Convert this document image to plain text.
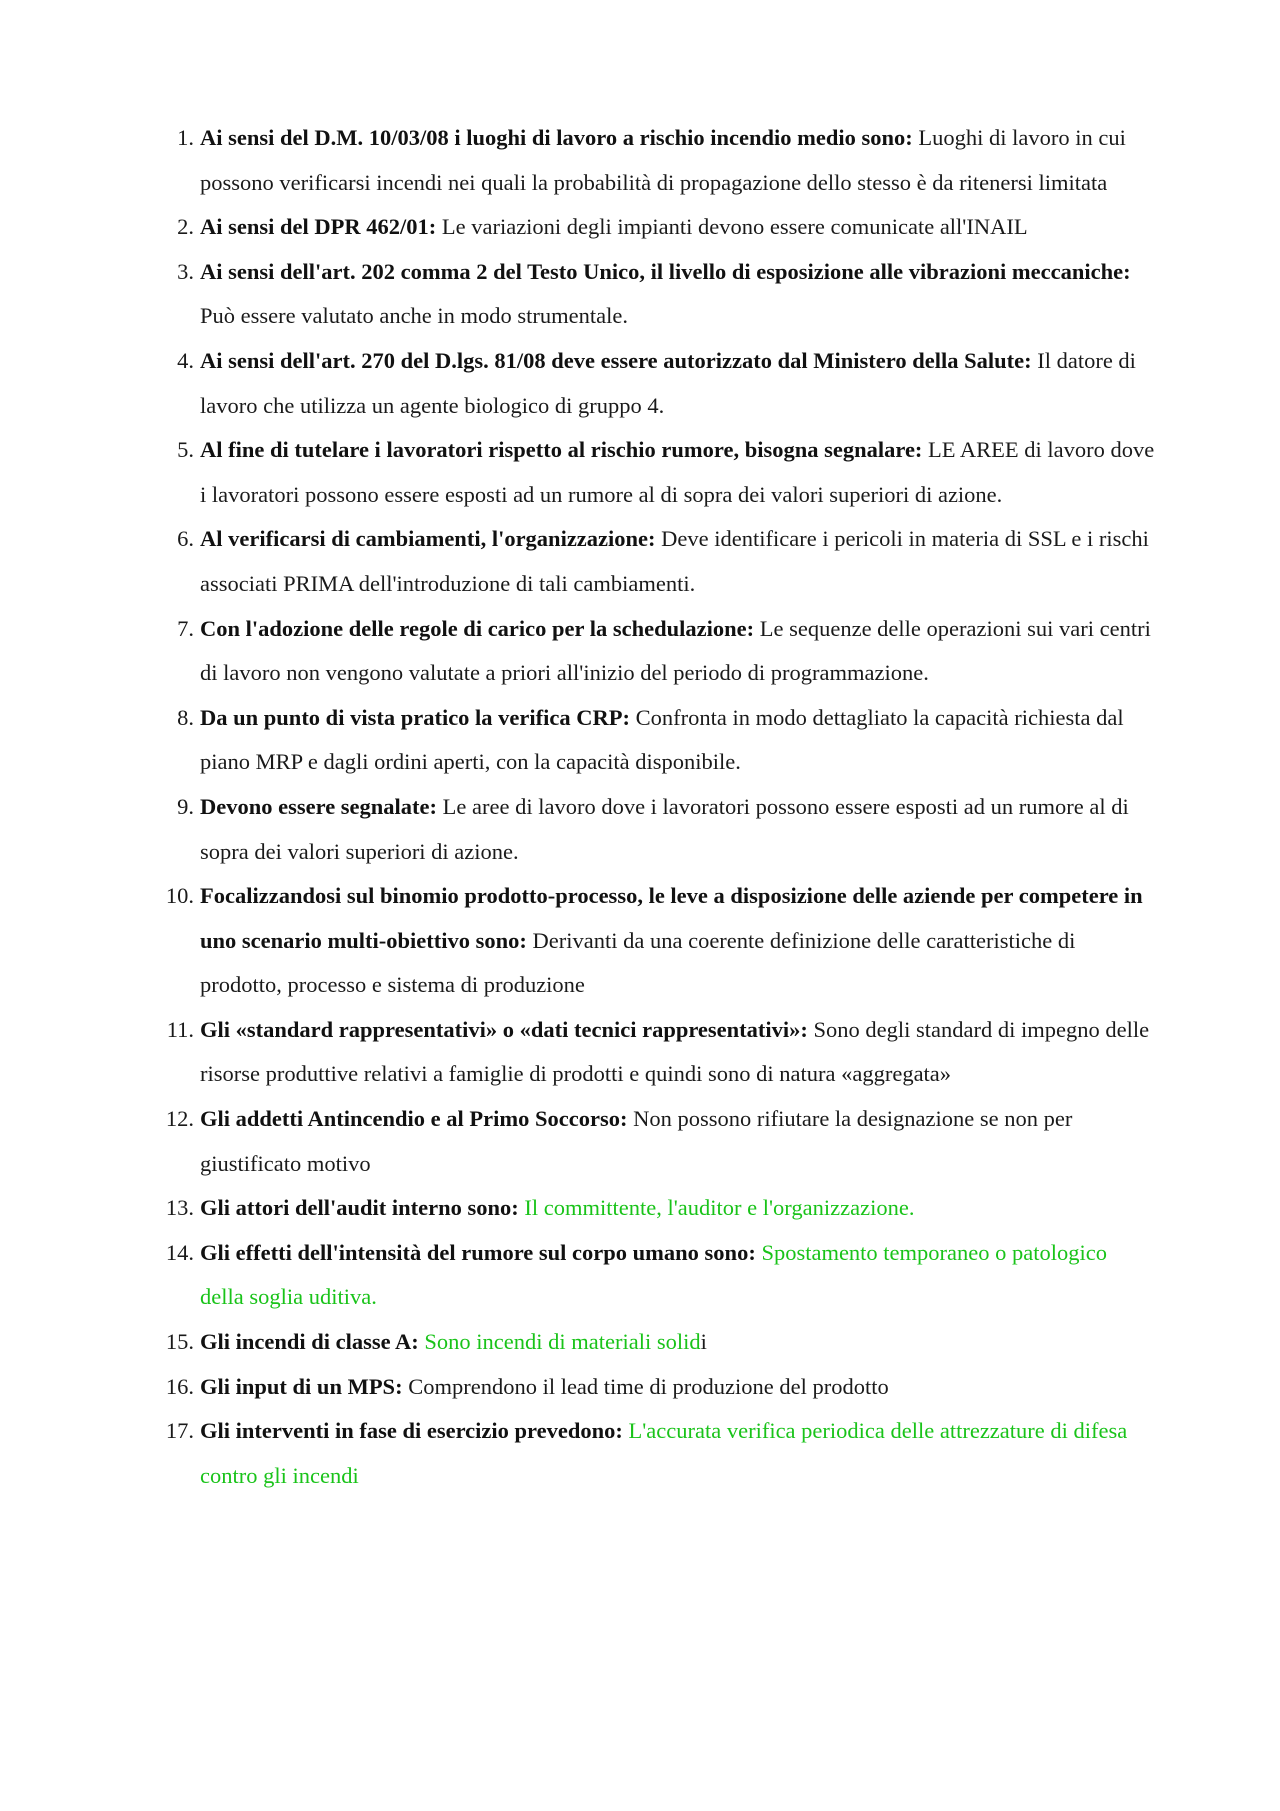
1. Ai sensi del D.M. 10/03/08 i luoghi di lavoro a rischio incendio medio sono: Luoghi di lavoro in cui possono verificarsi incendi nei quali la probabilità di propagazione dello stesso è da ritenersi limitata
2. Ai sensi del DPR 462/01: Le variazioni degli impianti devono essere comunicate all'INAIL
3. Ai sensi dell'art. 202 comma 2 del Testo Unico, il livello di esposizione alle vibrazioni meccaniche: Può essere valutato anche in modo strumentale.
4. Ai sensi dell'art. 270 del D.lgs. 81/08 deve essere autorizzato dal Ministero della Salute: Il datore di lavoro che utilizza un agente biologico di gruppo 4.
5. Al fine di tutelare i lavoratori rispetto al rischio rumore, bisogna segnalare: LE AREE di lavoro dove i lavoratori possono essere esposti ad un rumore al di sopra dei valori superiori di azione.
6. Al verificarsi di cambiamenti, l'organizzazione: Deve identificare i pericoli in materia di SSL e i rischi associati PRIMA dell'introduzione di tali cambiamenti.
7. Con l'adozione delle regole di carico per la schedulazione: Le sequenze delle operazioni sui vari centri di lavoro non vengono valutate a priori all'inizio del periodo di programmazione.
8. Da un punto di vista pratico la verifica CRP: Confronta in modo dettagliato la capacità richiesta dal piano MRP e dagli ordini aperti, con la capacità disponibile.
9. Devono essere segnalate: Le aree di lavoro dove i lavoratori possono essere esposti ad un rumore al di sopra dei valori superiori di azione.
10. Focalizzandosi sul binomio prodotto-processo, le leve a disposizione delle aziende per competere in uno scenario multi-obiettivo sono: Derivanti da una coerente definizione delle caratteristiche di prodotto, processo e sistema di produzione
11. Gli «standard rappresentativi» o «dati tecnici rappresentativi»: Sono degli standard di impegno delle risorse produttive relativi a famiglie di prodotti e quindi sono di natura «aggregata»
12. Gli addetti Antincendio e al Primo Soccorso: Non possono rifiutare la designazione se non per giustificato motivo
13. Gli attori dell'audit interno sono: Il committente, l'auditor e l'organizzazione.
14. Gli effetti dell'intensità del rumore sul corpo umano sono: Spostamento temporaneo o patologico della soglia uditiva.
15. Gli incendi di classe A: Sono incendi di materiali solidi
16. Gli input di un MPS: Comprendono il lead time di produzione del prodotto
17. Gli interventi in fase di esercizio prevedono: L'accurata verifica periodica delle attrezzature di difesa contro gli incendi
